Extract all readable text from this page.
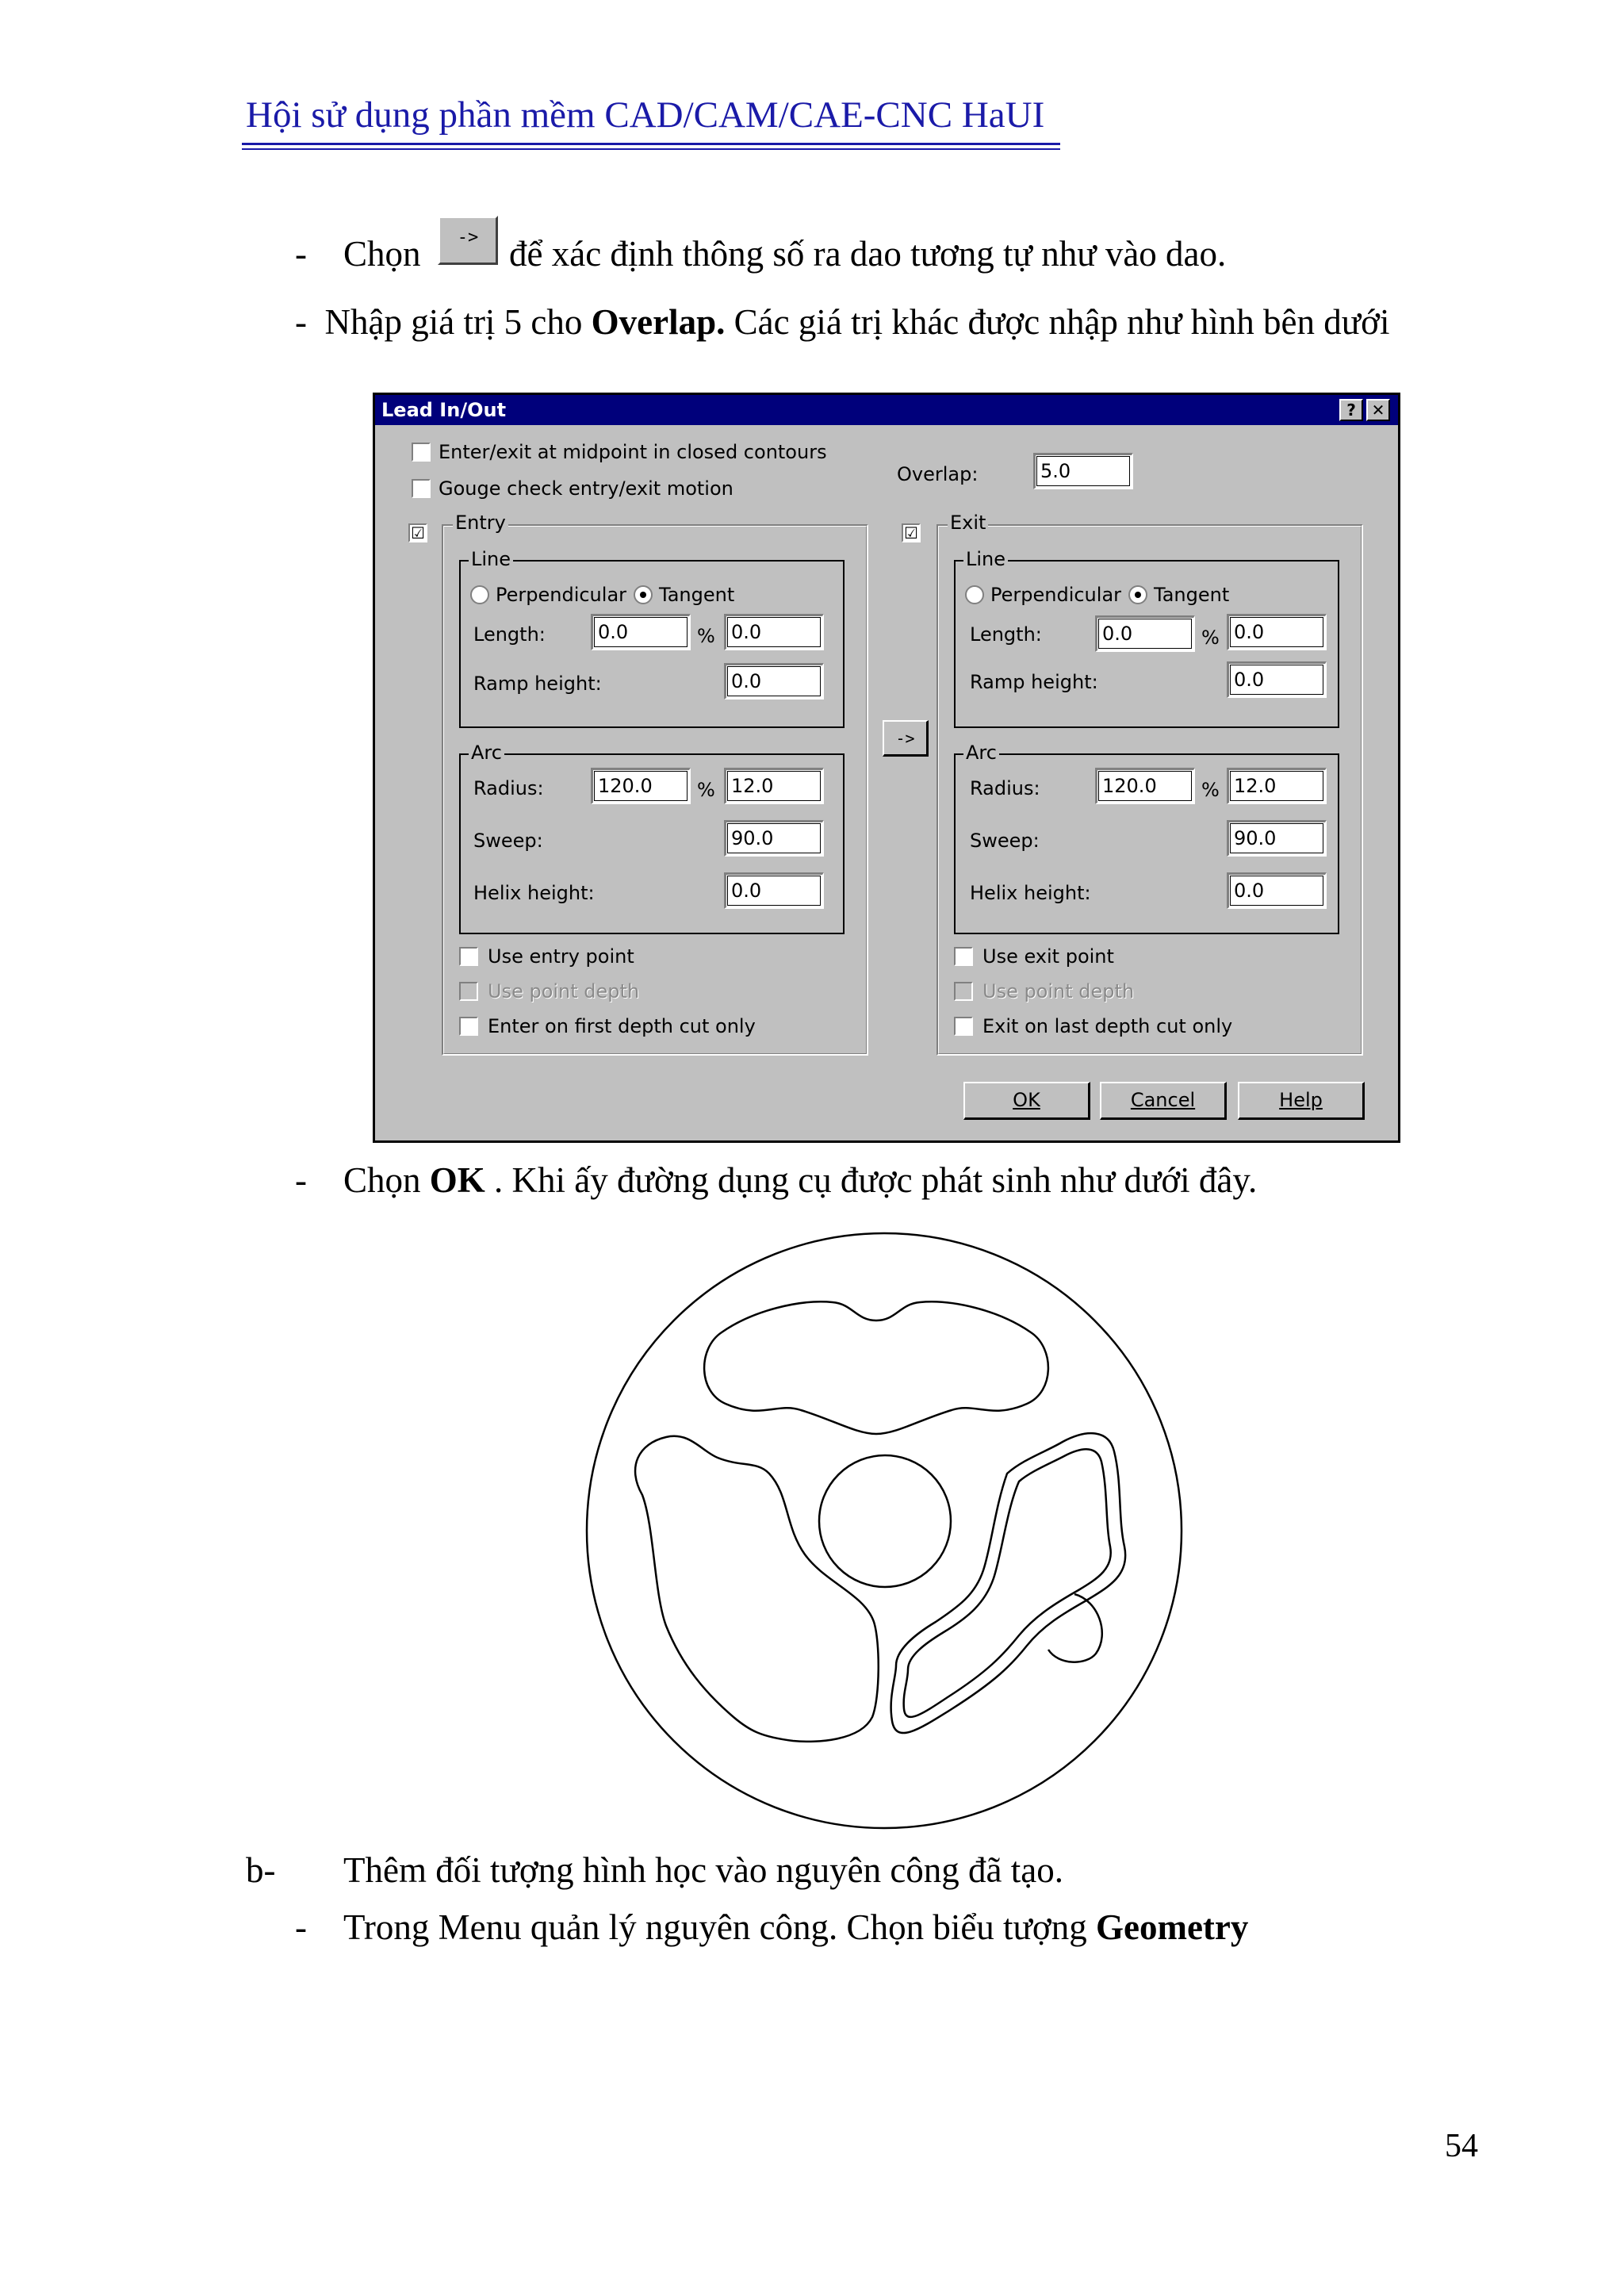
Hội sử dụng phần mềm CAD/CAM/CAE-CNC HaUI
- Chọn	-> để xác định thông số ra dao tương tự như vào dao.
- Nhập giá trị 5 cho Overlap. Các giá trị khác được nhập như hình bên dưới
Lead In/Out	? ✕
Enter/exit at midpoint in closed contours
Gouge check entry/exit motion
Overlap:	5.0
☑ Entry
Line
Perpendicular Tangent
Length:	0.0	% 0.0
Ramp height:	0.0
Arc
Radius:	120.0	% 12.0
Sweep:	90.0
Helix height:	0.0
Use entry point
Use point depth
Enter on first depth cut only
->
☑ Exit
Line
Perpendicular Tangent
Length:	0.0	% 0.0
Ramp height:	0.0
Arc
Radius:	120.0	% 12.0
Sweep:	90.0
Helix height:	0.0
Use exit point
Use point depth
Exit on last depth cut only
OK	Cancel	Help
- Chọn OK . Khi ấy đường dụng cụ được phát sinh như dưới đây.
b- Thêm đối tượng hình học vào nguyên công đã tạo.
- Trong Menu quản lý nguyên công. Chọn biểu tượng Geometry
54
